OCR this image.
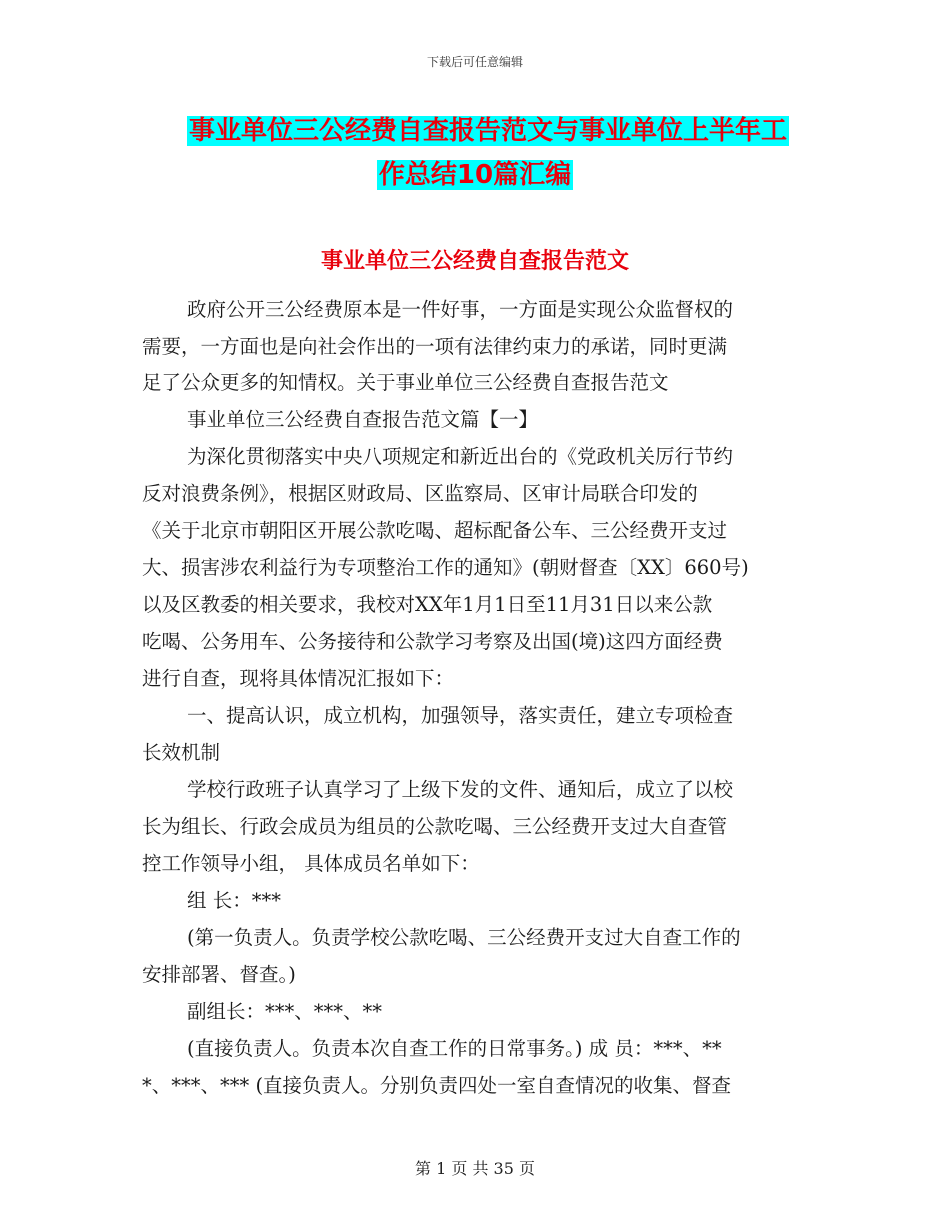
下载后可任意编辑
事业单位三公经费自查报告范文与事业单位上半年工
作总结10篇汇编
事业单位三公经费自查报告范文
政府公开三公经费原本是一件好事，一方面是实现公众监督权的
需要，一方面也是向社会作出的一项有法律约束力的承诺，同时更满
足了公众更多的知情权。关于事业单位三公经费自查报告范文
事业单位三公经费自查报告范文篇【一】
为深化贯彻落实中央八项规定和新近出台的《党政机关厉行节约
反对浪费条例》，根据区财政局、区监察局、区审计局联合印发的
《关于北京市朝阳区开展公款吃喝、超标配备公车、三公经费开支过
大、损害涉农利益行为专项整治工作的通知》(朝财督查〔XX〕660号)
以及区教委的相关要求，我校对XX年1月1日至11月31日以来公款
吃喝、公务用车、公务接待和公款学习考察及出国(境)这四方面经费
进行自查，现将具体情况汇报如下：
一、提高认识，成立机构，加强领导，落实责任，建立专项检查
长效机制
学校行政班子认真学习了上级下发的文件、通知后，成立了以校
长为组长、行政会成员为组员的公款吃喝、三公经费开支过大自查管
控工作领导小组， 具体成员名单如下：
组 长：***
(第一负责人。负责学校公款吃喝、三公经费开支过大自查工作的
安排部署、督查。)
副组长：***、***、**
(直接负责人。负责本次自查工作的日常事务。) 成 员：***、**
*、***、*** (直接负责人。分别负责四处一室自查情况的收集、督查
第 1 页 共 35 页
